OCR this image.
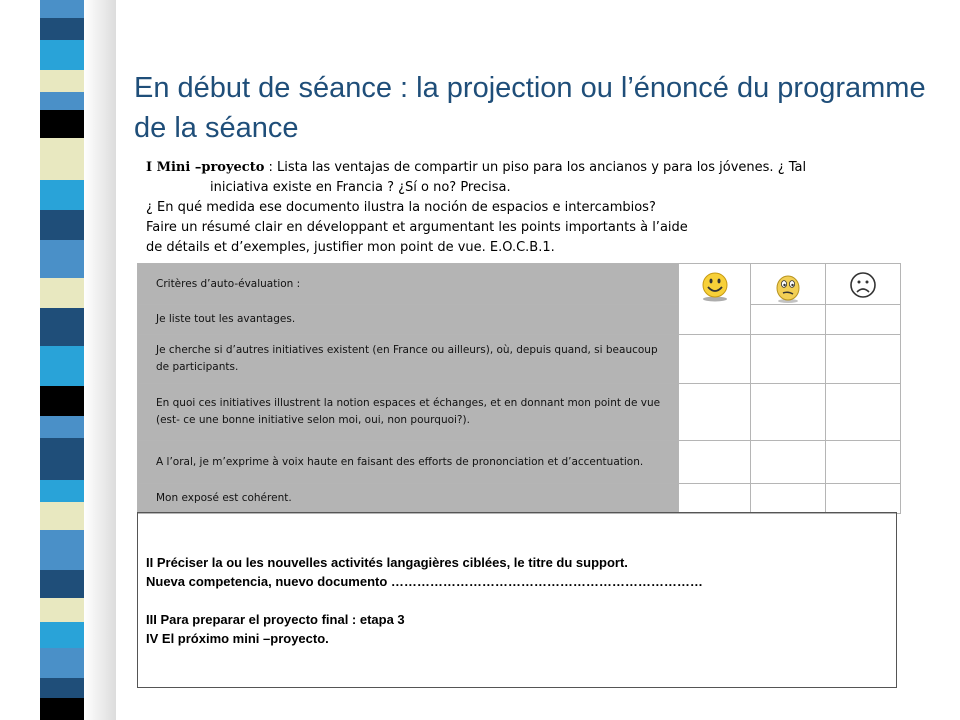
En début de séance : la projection ou l’énoncé du programme de la séance
I Mini –proyecto : Lista las ventajas de compartir un piso para los ancianos y para los jóvenes. ¿ Tal
iniciativa existe en Francia ? ¿Sí o no? Precisa.
¿ En qué medida ese documento ilustra la noción de espacios e intercambios?
Faire un résumé clair en développant et argumentant les points importants à l’aide
de détails et d’exemples, justifier mon point de vue. E.O.C.B.1.
Critères d’auto-évaluation :	

Je liste tout les avantages.			
Je cherche si d’autres initiatives existent (en France ou ailleurs), où, depuis quand, si beaucoup de participants.			
En quoi ces initiatives illustrent la notion espaces et échanges, et en donnant mon point de vue (est- ce une bonne initiative selon moi, oui, non pourquoi?).			
A l’oral, je m’exprime à voix haute en faisant des efforts de prononciation et d’accentuation.			
Mon exposé est cohérent.			

II Préciser la ou les nouvelles activités langagières ciblées, le titre du support.

Nueva competencia, nuevo documento ………………………………………………………………

III Para preparar el proyecto final : etapa 3

IV El próximo mini –proyecto.
